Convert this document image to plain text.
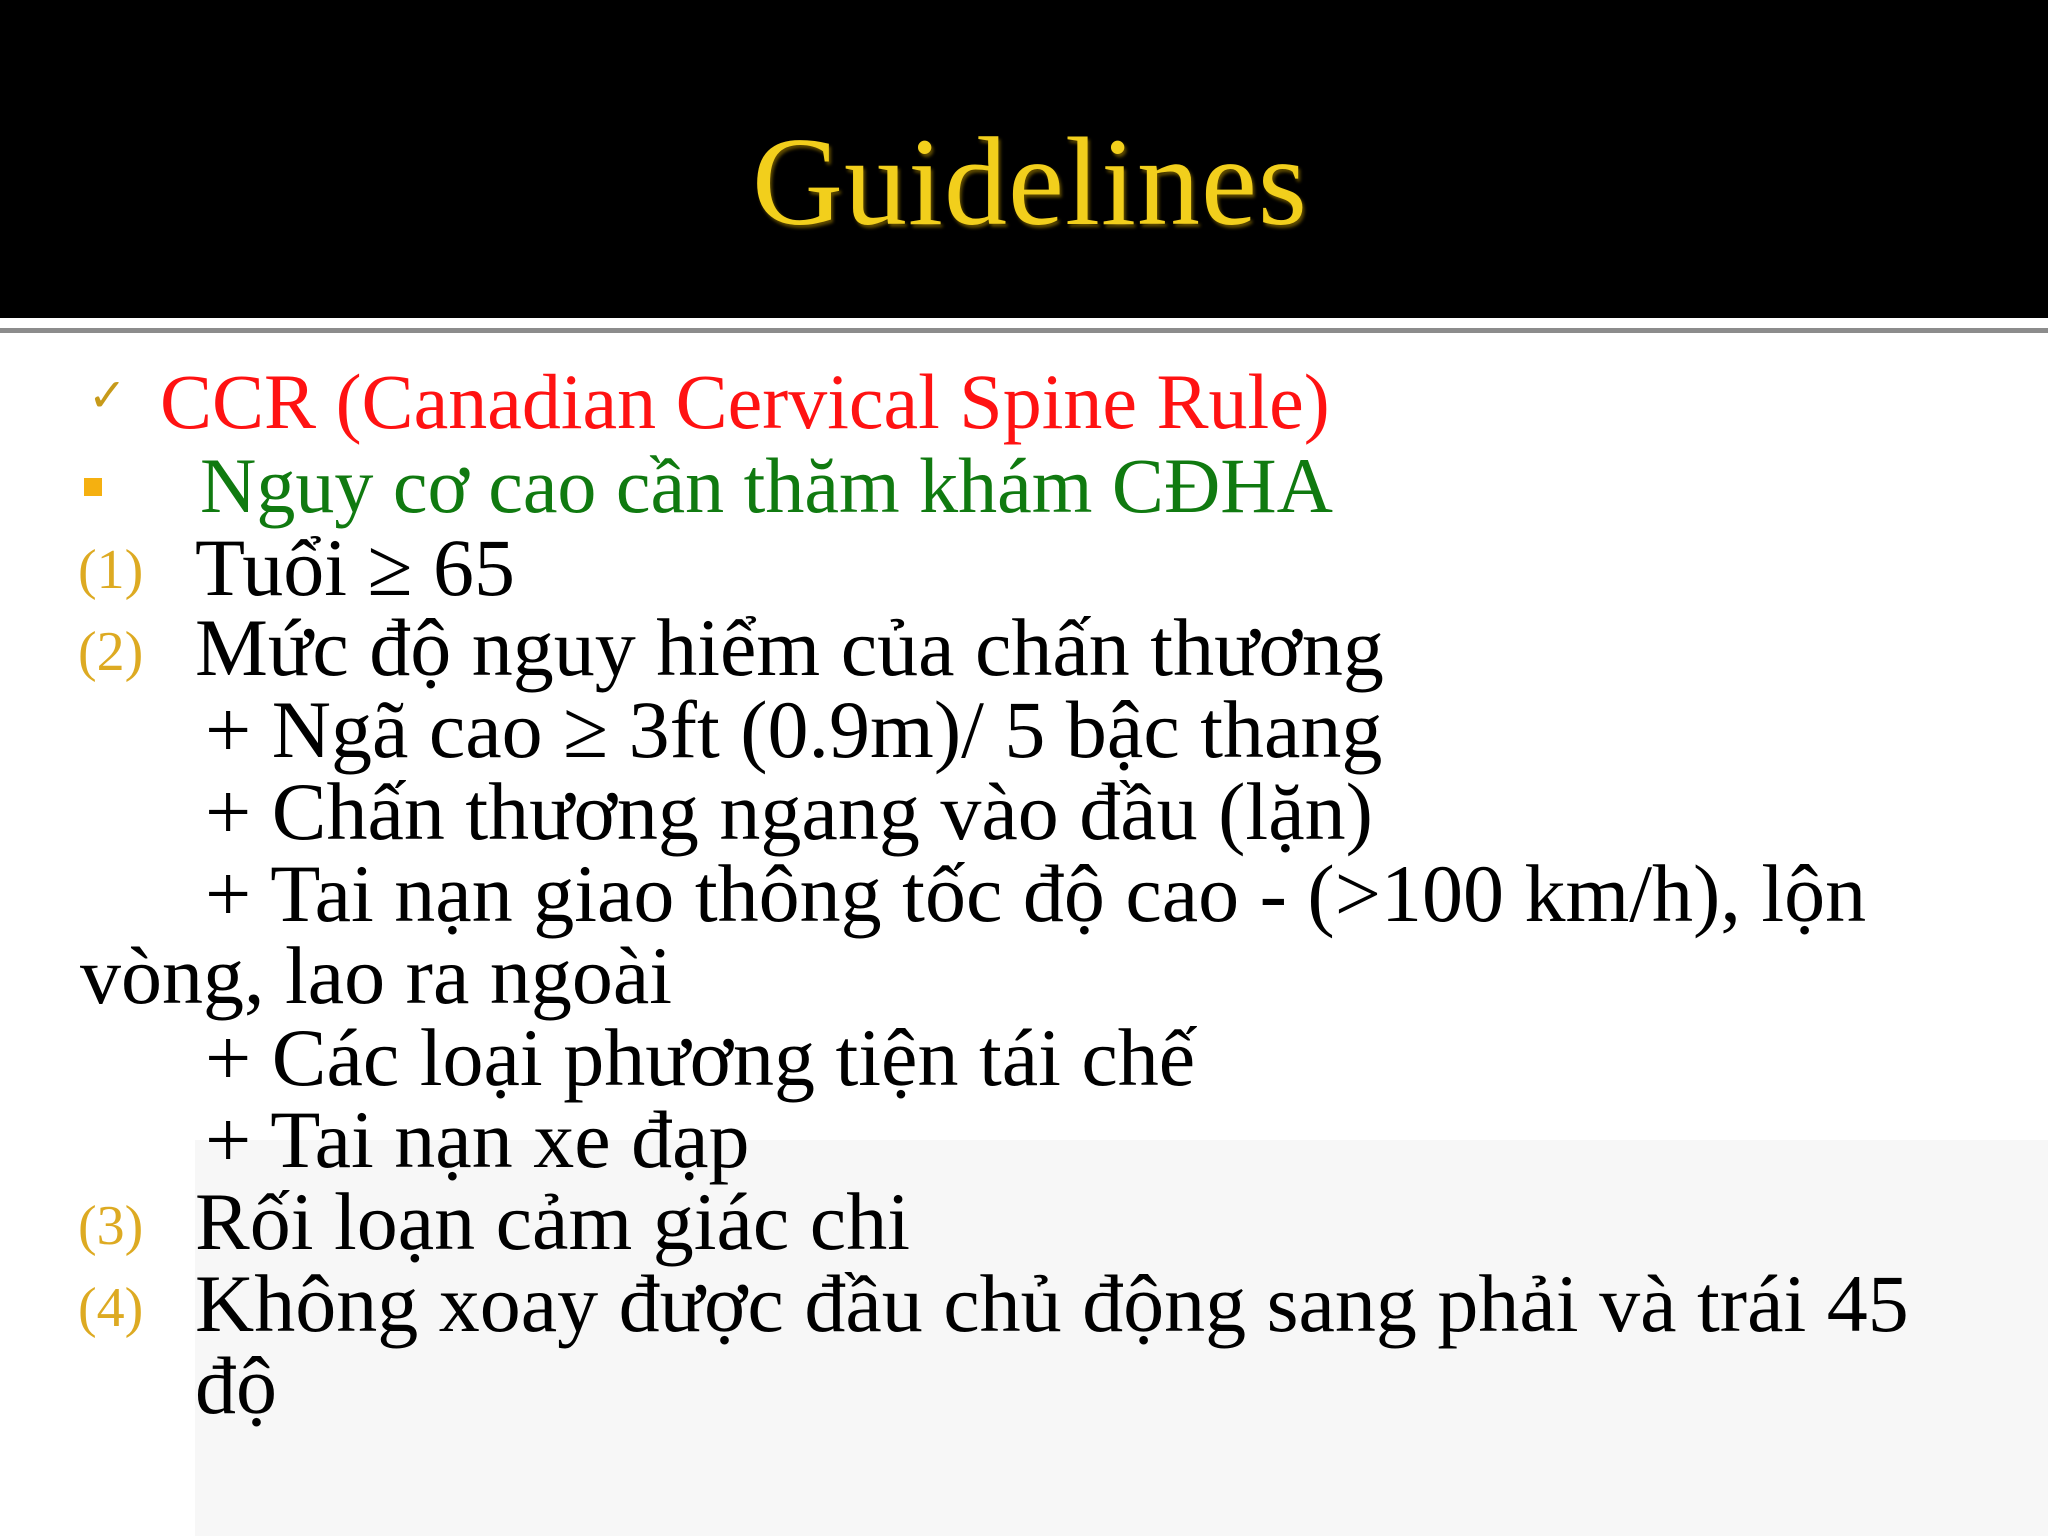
Guidelines
✓ CCR (Canadian Cervical Spine Rule)
Nguy cơ cao cần thăm khám CĐHA
(1) Tuổi ≥ 65
(2) Mức độ nguy hiểm của chấn thương
+ Ngã cao ≥ 3ft (0.9m)/ 5 bậc thang
+ Chấn thương ngang vào đầu (lặn)
+ Tai nạn giao thông tốc độ cao - (>100 km/h), lộn
vòng, lao ra ngoài
+ Các loại phương tiện tái chế
+ Tai nạn xe đạp
(3) Rối loạn cảm giác chi
(4) Không xoay được đầu chủ động sang phải và trái 45
độ
